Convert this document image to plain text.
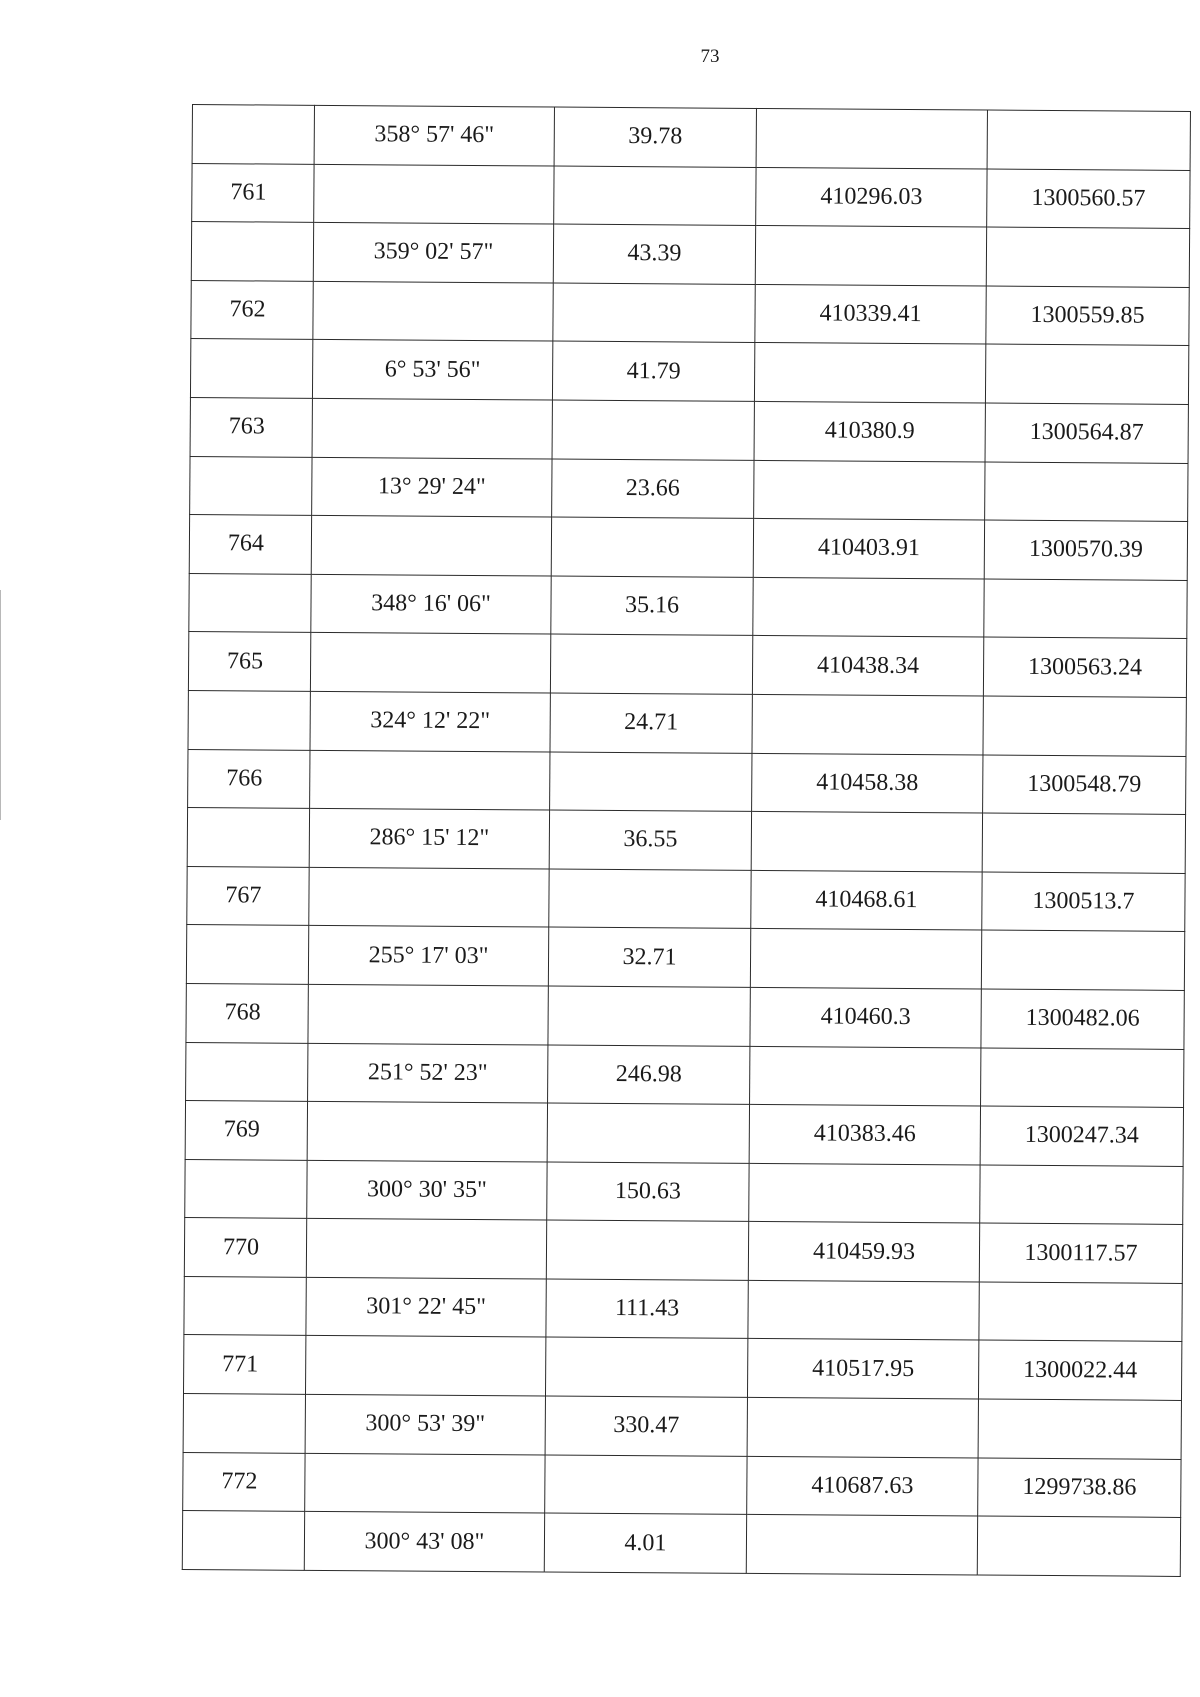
73
	358° 57' 46"	39.78		
761			410296.03	1300560.57
	359° 02' 57"	43.39		
762			410339.41	1300559.85
	6° 53' 56"	41.79		
763			410380.9	1300564.87
	13° 29' 24"	23.66		
764			410403.91	1300570.39
	348° 16' 06"	35.16		
765			410438.34	1300563.24
	324° 12' 22"	24.71		
766			410458.38	1300548.79
	286° 15' 12"	36.55		
767			410468.61	1300513.7
	255° 17' 03"	32.71		
768			410460.3	1300482.06
	251° 52' 23"	246.98		
769			410383.46	1300247.34
	300° 30' 35"	150.63		
770			410459.93	1300117.57
	301° 22' 45"	111.43		
771			410517.95	1300022.44
	300° 53' 39"	330.47		
772			410687.63	1299738.86
	300° 43' 08"	4.01		
